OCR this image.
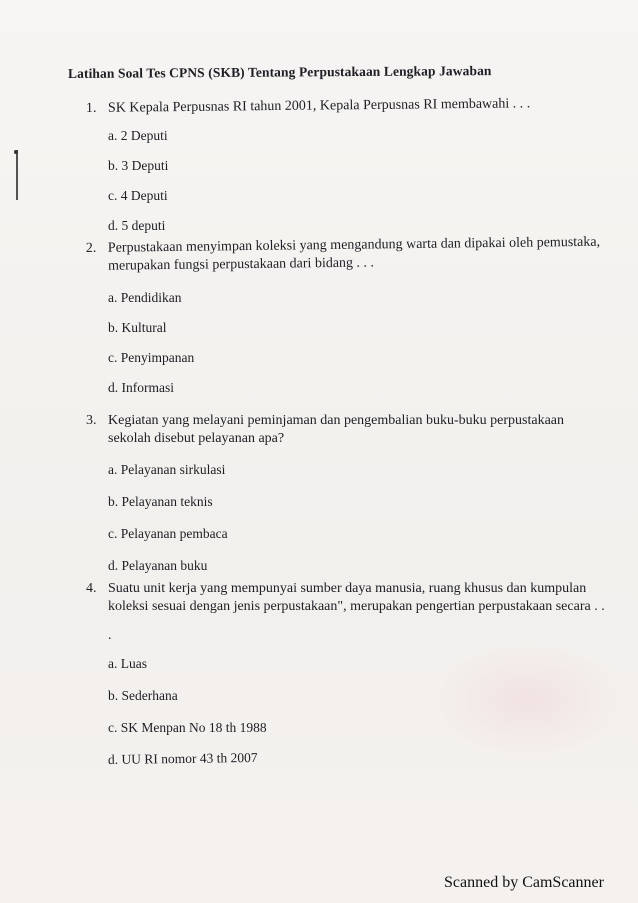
Latihan Soal Tes CPNS (SKB) Tentang Perpustakaan Lengkap Jawaban
1. SK Kepala Perpusnas RI tahun 2001, Kepala Perpusnas RI membawahi . . .
a. 2 Deputi
b. 3 Deputi
c. 4 Deputi
d. 5 deputi
2. Perpustakaan menyimpan koleksi yang mengandung warta dan dipakai oleh pemustaka, merupakan fungsi perpustakaan dari bidang . . .
a. Pendidikan
b. Kultural
c. Penyimpanan
d. Informasi
3. Kegiatan yang melayani peminjaman dan pengembalian buku-buku perpustakaan sekolah disebut pelayanan apa?
a. Pelayanan sirkulasi
b. Pelayanan teknis
c. Pelayanan pembaca
d. Pelayanan buku
4. Suatu unit kerja yang mempunyai sumber daya manusia, ruang khusus dan kumpulan koleksi sesuai dengan jenis perpustakaan", merupakan pengertian perpustakaan secara . .
.
a. Luas
b. Sederhana
c. SK Menpan No 18 th 1988
d. UU RI nomor 43 th 2007
Scanned by CamScanner
